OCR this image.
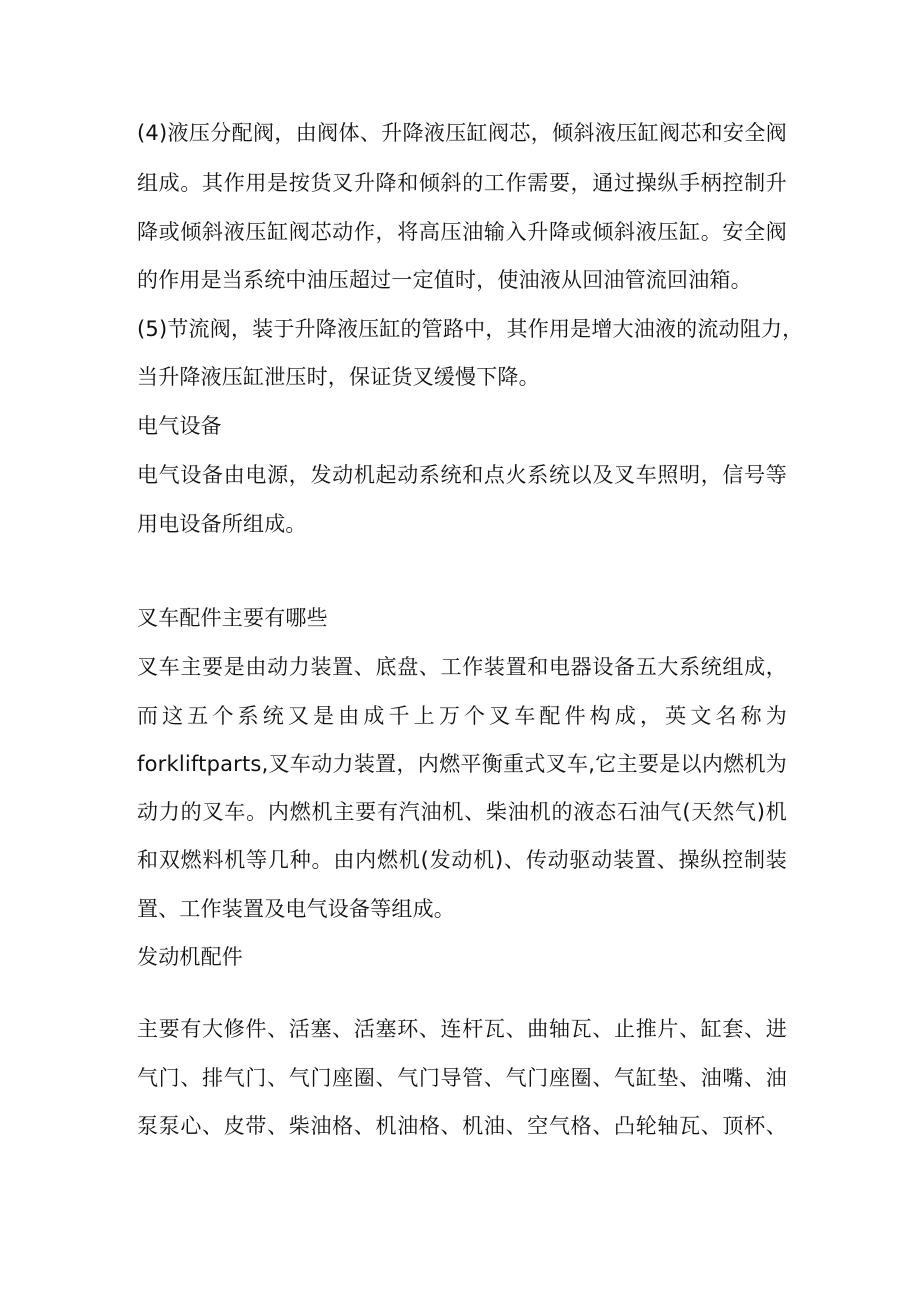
(4)液压分配阀，由阀体、升降液压缸阀芯，倾斜液压缸阀芯和安全阀
组成。其作用是按货叉升降和倾斜的工作需要，通过操纵手柄控制升
降或倾斜液压缸阀芯动作，将高压油输入升降或倾斜液压缸。安全阀
的作用是当系统中油压超过一定值时，使油液从回油管流回油箱。
(5)节流阀，装于升降液压缸的管路中，其作用是增大油液的流动阻力，
当升降液压缸泄压时，保证货叉缓慢下降。
电气设备
电气设备由电源，发动机起动系统和点火系统以及叉车照明，信号等
用电设备所组成。
叉车配件主要有哪些
叉车主要是由动力装置、底盘、工作装置和电器设备五大系统组成，
而这五个系统又是由成千上万个叉车配件构成，英文名称为
forkliftparts,叉车动力装置，内燃平衡重式叉车,它主要是以内燃机为
动力的叉车。内燃机主要有汽油机、柴油机的液态石油气(天然气)机
和双燃料机等几种。由内燃机(发动机)、传动驱动装置、操纵控制装
置、工作装置及电气设备等组成。
发动机配件
主要有大修件、活塞、活塞环、连杆瓦、曲轴瓦、止推片、缸套、进
气门、排气门、气门座圈、气门导管、气门座圈、气缸垫、油嘴、油
泵泵心、皮带、柴油格、机油格、机油、空气格、凸轮轴瓦、顶杯、
